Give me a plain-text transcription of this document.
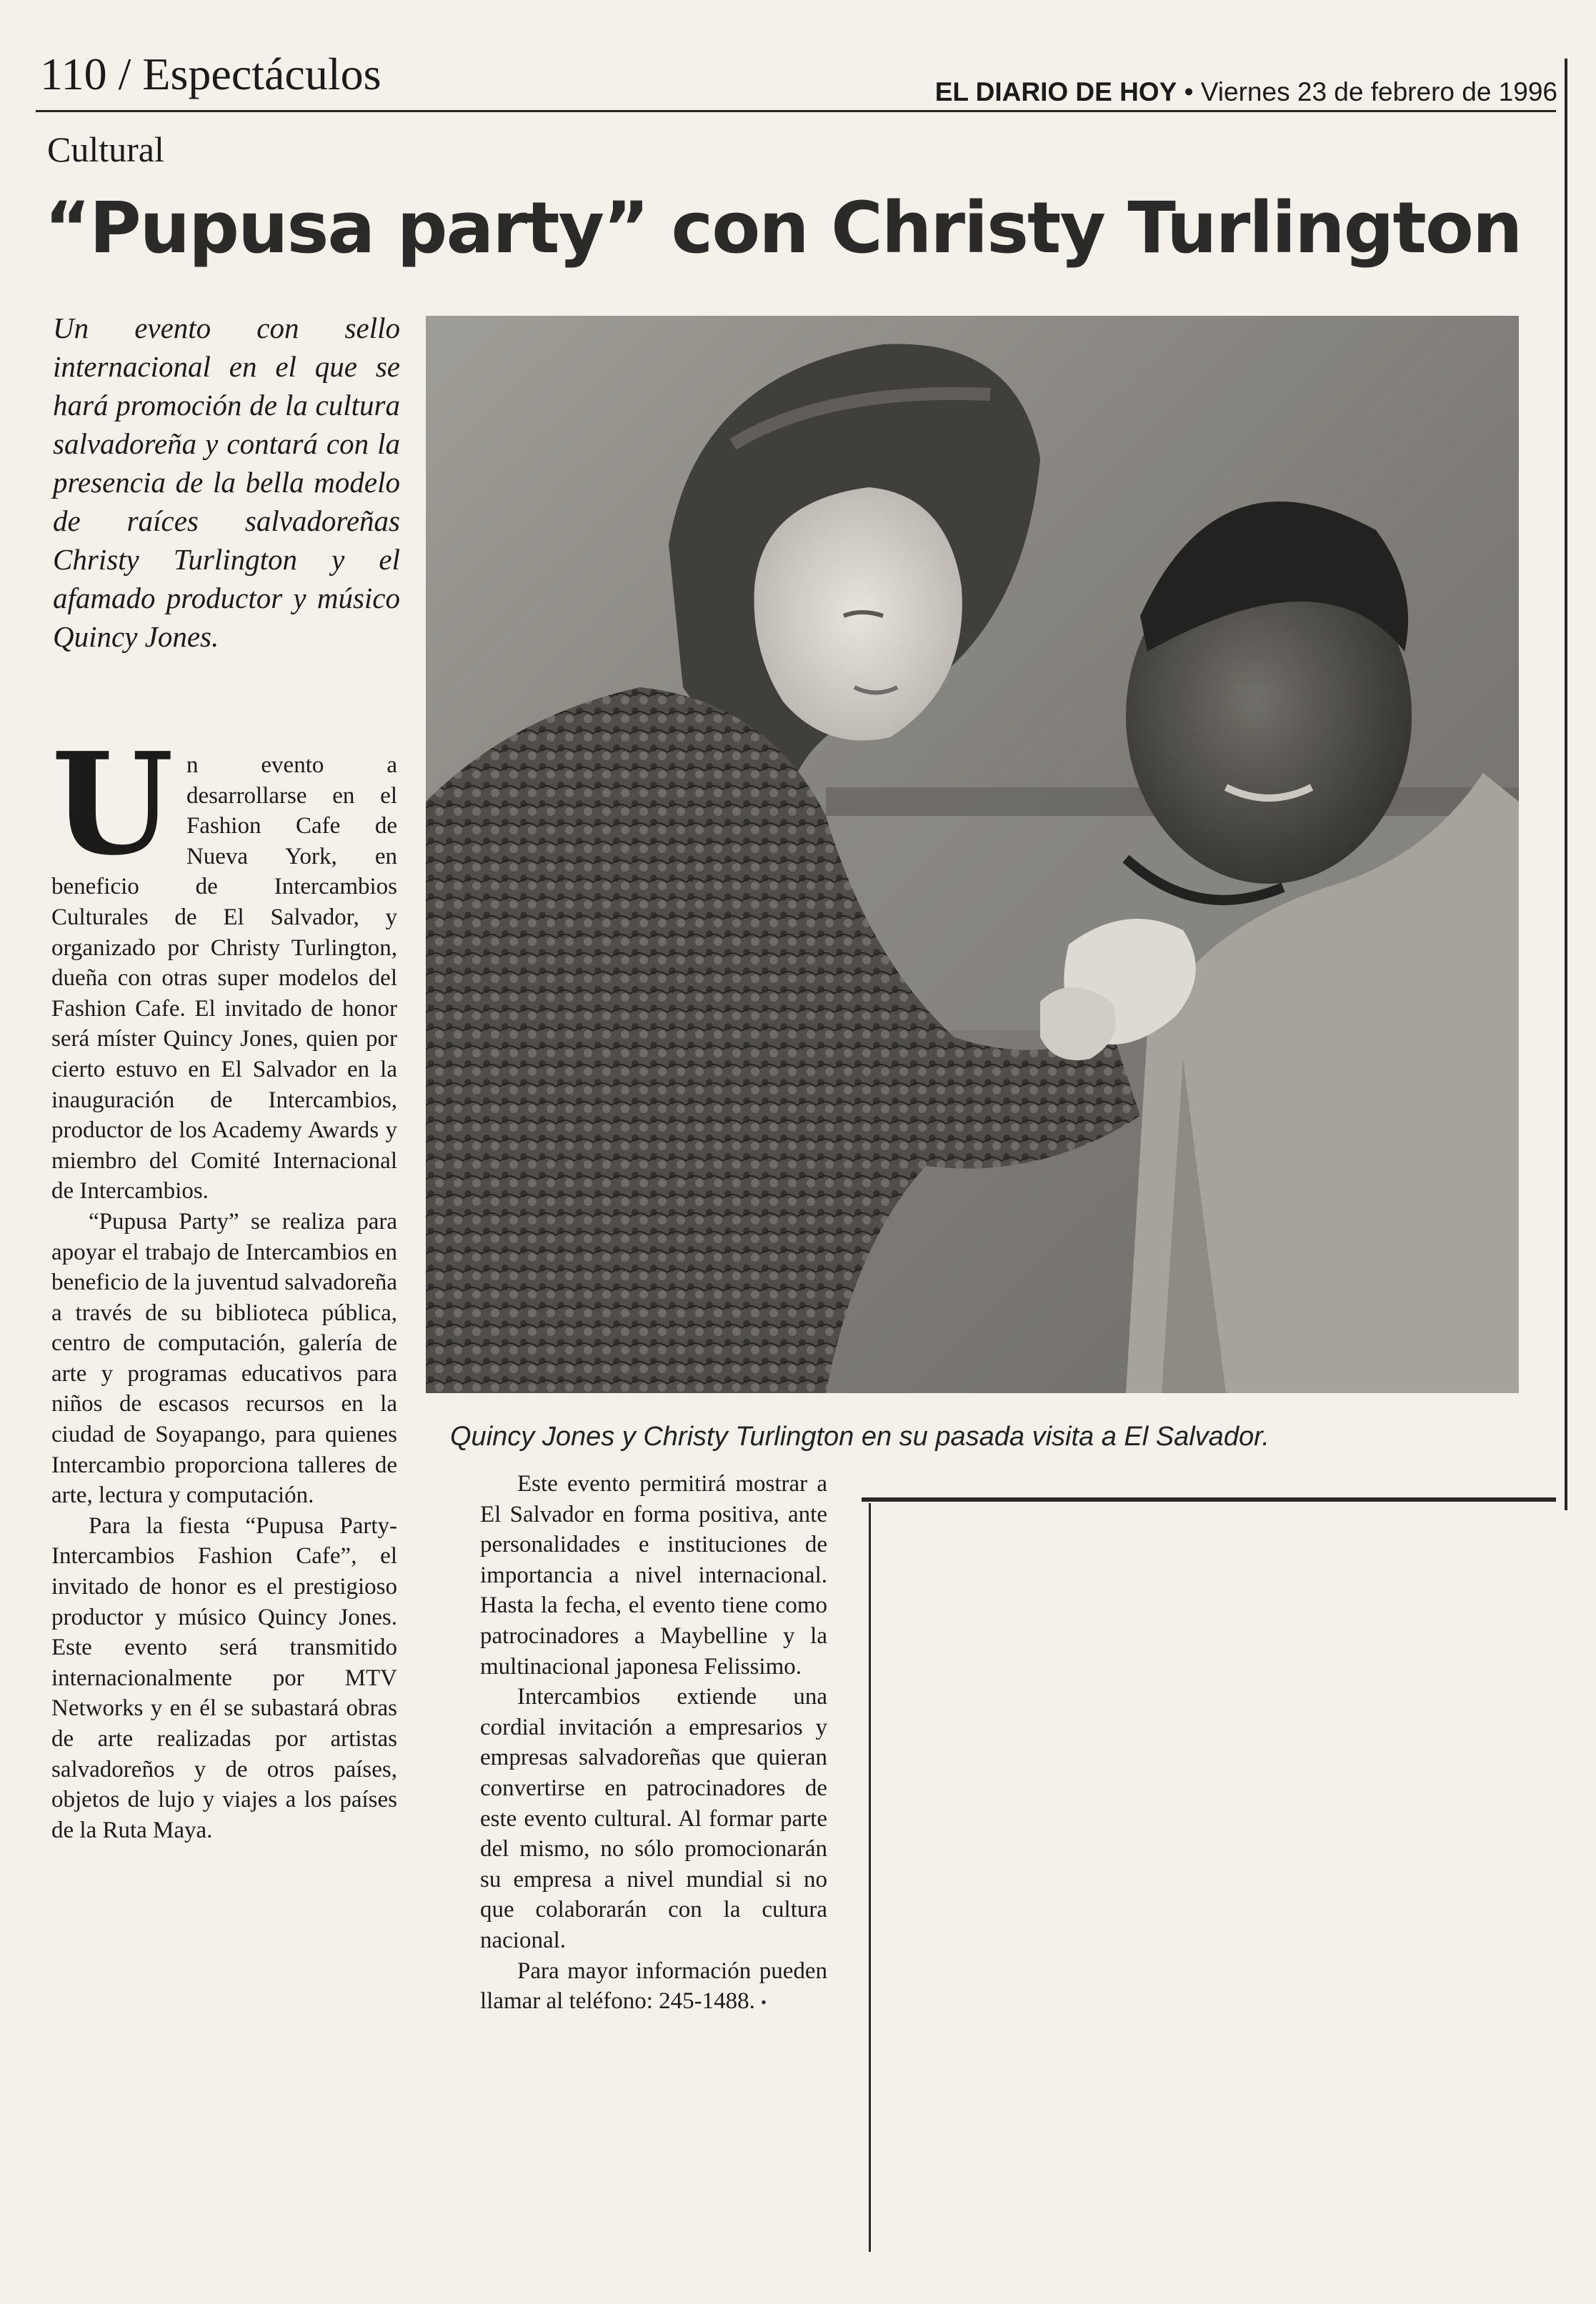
110 / Espectáculos	EL DIARIO DE HOY • Viernes 23 de febrero de 1996
Cultural
“Pupusa party” con Christy Turlington
Un evento con sello internacional en el que se hará promoción de la cultura salvadoreña y contará con la presencia de la bella modelo de raíces salvadoreñas Christy Turlington y el afamado productor y músico Quincy Jones.
Quincy Jones y Christy Turlington en su pasada visita a El Salvador.

Un evento a desarrollarse en el Fashion Cafe de Nueva York, en beneficio de Intercambios Culturales de El Salvador, y organizado por Christy Turlington, dueña con otras super modelos del Fashion Cafe. El invitado de honor será míster Quincy Jones, quien por cierto estuvo en El Salvador en la inauguración de Intercambios, productor de los Academy Awards y miembro del Comité Internacional de Intercambios.

“Pupusa Party” se realiza para apoyar el trabajo de Intercambios en beneficio de la juventud salvadoreña a través de su biblioteca pública, centro de computación, galería de arte y programas educativos para niños de escasos recursos en la ciudad de Soyapango, para quienes Intercambio proporciona talleres de arte, lectura y computación.

Para la fiesta “Pupusa Party- Intercambios Fashion Cafe”, el invitado de honor es el prestigioso productor y músico Quincy Jones. Este evento será transmitido internacionalmente por MTV Networks y en él se subastará obras de arte realizadas por artistas salvadoreños y de otros países, objetos de lujo y viajes a los países de la Ruta Maya.

Este evento permitirá mostrar a El Salvador en forma positiva, ante personalidades e instituciones de importancia a nivel internacional. Hasta la fecha, el evento tiene como patrocinadores a Maybelline y la multinacional japonesa Felissimo.

Intercambios extiende una cordial invitación a empresarios y empresas salvadoreñas que quieran convertirse en patrocinadores de este evento cultural. Al formar parte del mismo, no sólo promocionarán su empresa a nivel mundial si no que colaborarán con la cultura nacional.

Para mayor información pueden llamar al teléfono: 245-1488. •
